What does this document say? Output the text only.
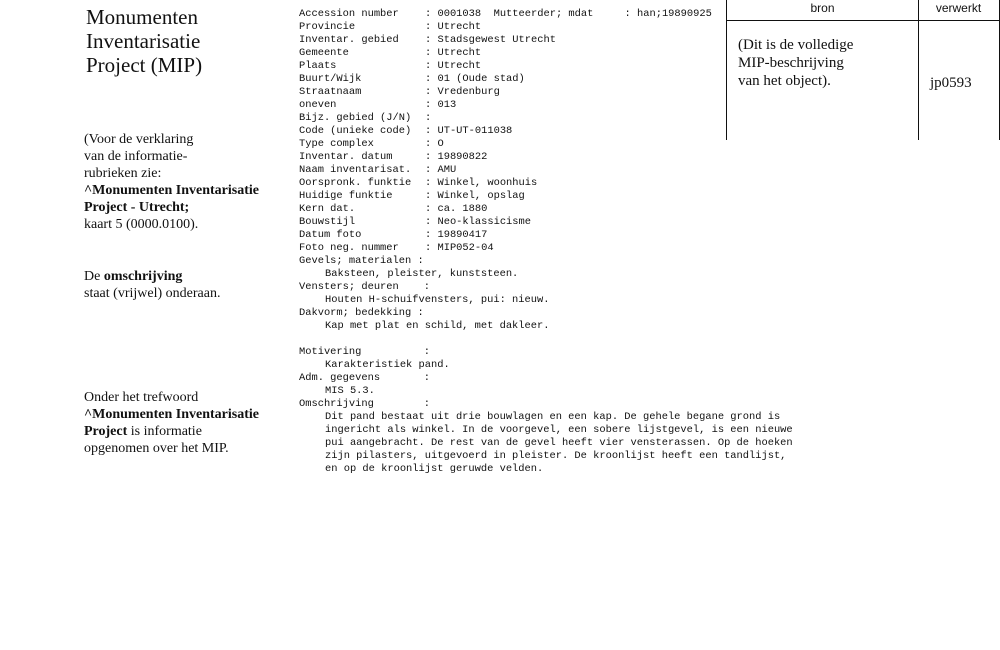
Monumenten
Inventarisatie
Project (MIP)
(Voor de verklaring
van de informatie-
rubrieken zie:
^Monumenten Inventarisatie
Project - Utrecht;
kaart 5 (0000.0100).
De omschrijving
staat (vrijwel) onderaan.
Onder het trefwoord
^Monumenten Inventarisatie
Project is informatie
opgenomen over het MIP.
Accession number	: 0001038  Mutteerder; mdat     : han;19890925
Provincie	: Utrecht
Inventar. gebied	: Stadsgewest Utrecht
Gemeente	: Utrecht
Plaats	: Utrecht
Buurt/Wijk	: 01 (Oude stad)
Straatnaam	: Vredenburg
oneven	: 013
Bijz. gebied (J/N) :
Code (unieke code) : UT-UT-011038
Type complex	: O
Inventar. datum	: 19890822
Naam inventarisat. : AMU
Oorspronk. funktie : Winkel, woonhuis
Huidige funktie	: Winkel, opslag
Kern dat.	: ca. 1880
Bouwstijl	: Neo-klassicisme
Datum foto	: 19890417
Foto neg. nummer	: MIP052-04
Gevels; materialen :
Baksteen, pleister, kunststeen.
Vensters; deuren    :
Houten H-schuifvensters, pui: nieuw.
Dakvorm; bedekking :
Kap met plat en schild, met dakleer.
Motivering          :
Karakteristiek pand.
Adm. gegevens       :
MIS 5.3.
Omschrijving        :
Dit pand bestaat uit drie bouwlagen en een kap. De gehele begane grond is
ingericht als winkel. In de voorgevel, een sobere lijstgevel, is een nieuwe
pui aangebracht. De rest van de gevel heeft vier vensterassen. Op de hoeken
zijn pilasters, uitgevoerd in pleister. De kroonlijst heeft een tandlijst,
en op de kroonlijst geruwde velden.
bron	verwerkt
(Dit is de volledige
MIP-beschrijving
van het object).	jp0593
